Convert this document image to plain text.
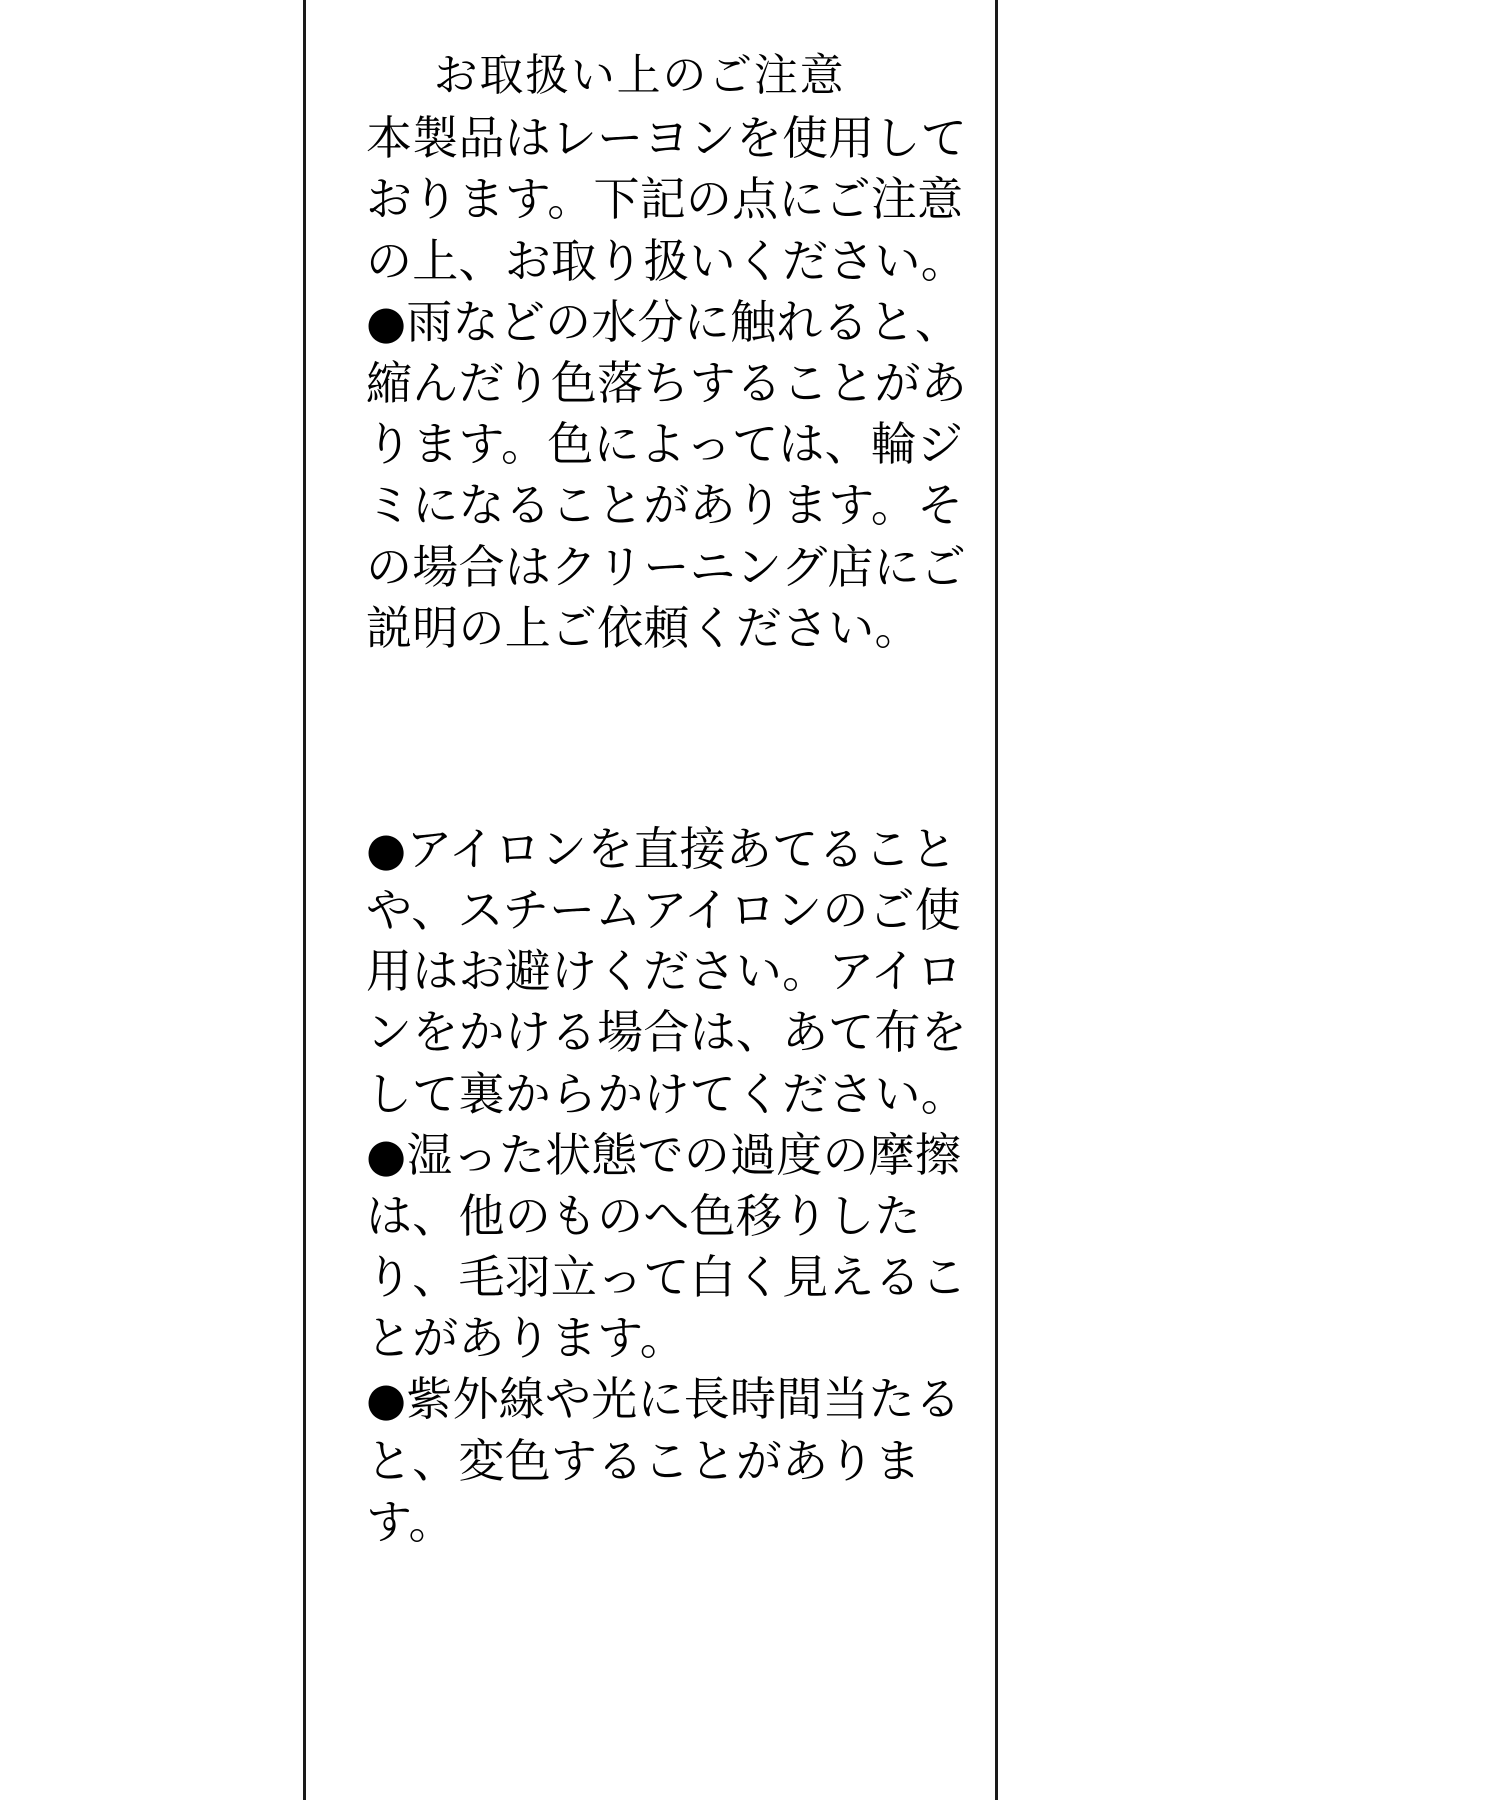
お取扱い上のご注意

本製品はレーヨンを使用しております。下記の点にご注意の上、お取り扱いください。

●雨などの水分に触れると、縮んだり色落ちすることがあります。色によっては、輪ジミになることがあります。その場合はクリーニング店にご説明の上ご依頼ください。

●アイロンを直接あてることや、スチームアイロンのご使用はお避けください。アイロンをかける場合は、あて布をして裏からかけてください。

●湿った状態での過度の摩擦は、他のものへ色移りしたり、毛羽立って白く見えることがあります。

●紫外線や光に長時間当たると、変色することがあります。
